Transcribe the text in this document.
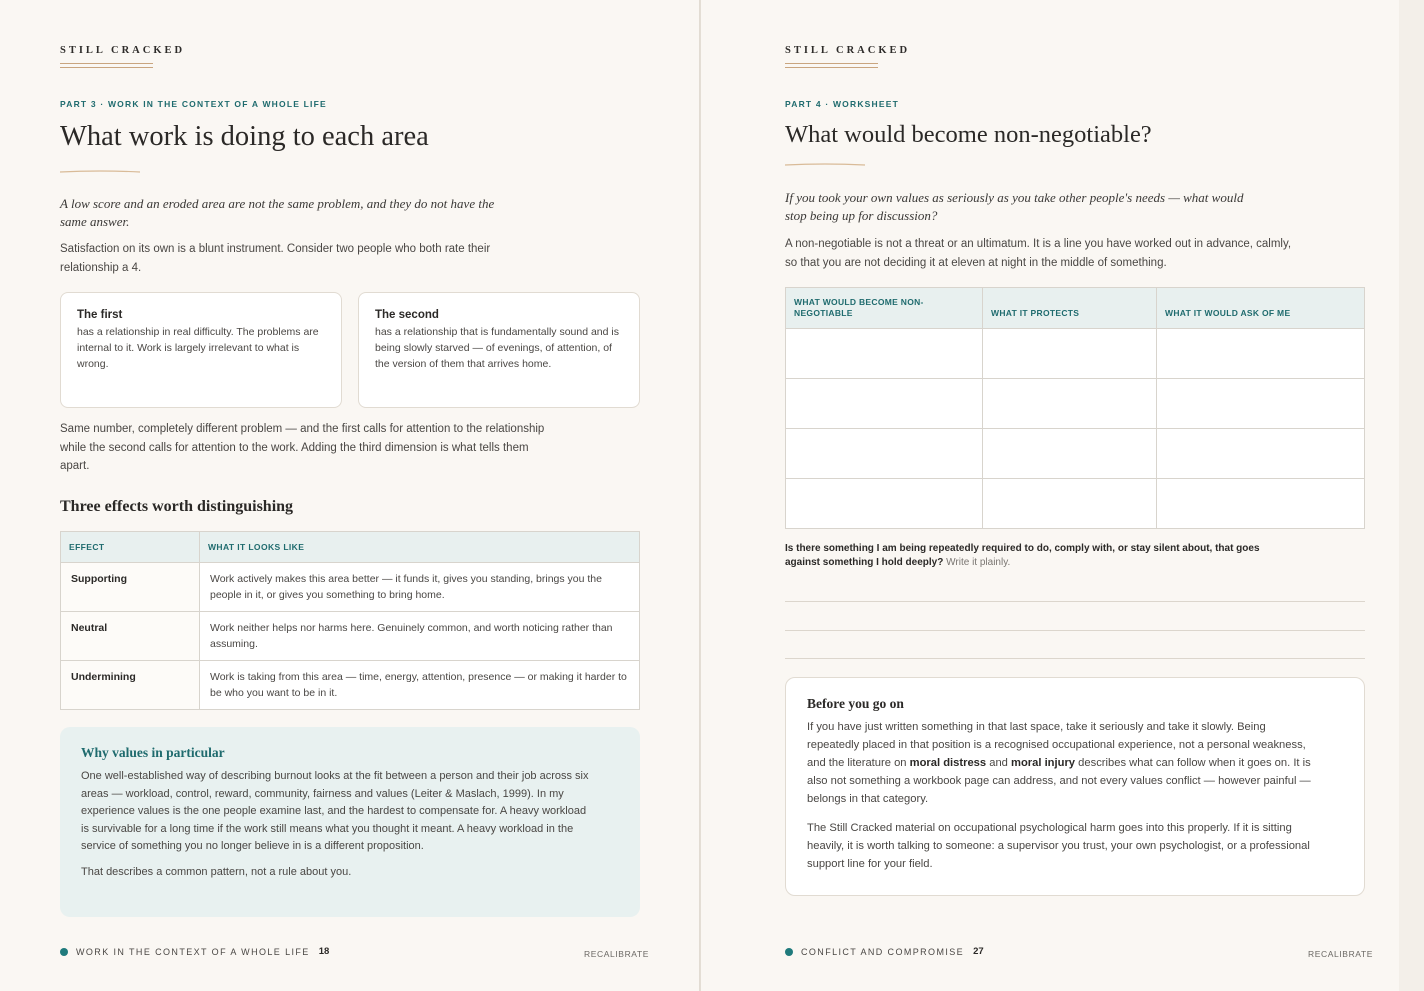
STILL CRACKED
PART 3 · WORK IN THE CONTEXT OF A WHOLE LIFE
What work is doing to each area
A low score and an eroded area are not the same problem, and they do not have the same answer.
Satisfaction on its own is a blunt instrument. Consider two people who both rate their relationship a 4.
The first

has a relationship in real difficulty. The problems are internal to it. Work is largely irrelevant to what is wrong.

The second

has a relationship that is fundamentally sound and is being slowly starved — of evenings, of attention, of the version of them that arrives home.

Same number, completely different problem — and the first calls for attention to the relationship while the second calls for attention to the work. Adding the third dimension is what tells them apart.
Three effects worth distinguishing
EFFECT	WHAT IT LOOKS LIKE
Supporting	Work actively makes this area better — it funds it, gives you standing, brings you the people in it, or gives you something to bring home.
Neutral	Work neither helps nor harms here. Genuinely common, and worth noticing rather than assuming.
Undermining	Work is taking from this area — time, energy, attention, presence — or making it harder to be who you want to be in it.
Why values in particular

One well-established way of describing burnout looks at the fit between a person and their job across six areas — workload, control, reward, community, fairness and values (Leiter & Maslach, 1999). In my experience values is the one people examine last, and the hardest to compensate for. A heavy workload is survivable for a long time if the work still means what you thought it meant. A heavy workload in the service of something you no longer believe in is a different proposition.

That describes a common pattern, not a rule about you.

WORK IN THE CONTEXT OF A WHOLE LIFE 18	RECALIBRATE
STILL CRACKED
PART 4 · WORKSHEET
What would become non-negotiable?
If you took your own values as seriously as you take other people's needs — what would stop being up for discussion?
A non-negotiable is not a threat or an ultimatum. It is a line you have worked out in advance, calmly, so that you are not deciding it at eleven at night in the middle of something.
WHAT WOULD BECOME NON-NEGOTIABLE	WHAT IT PROTECTS	WHAT IT WOULD ASK OF ME

Is there something I am being repeatedly required to do, comply with, or stay silent about, that goes against something I hold deeply? Write it plainly.
Before you go on

If you have just written something in that last space, take it seriously and take it slowly. Being repeatedly placed in that position is a recognised occupational experience, not a personal weakness, and the literature on moral distress and moral injury describes what can follow when it goes on. It is also not something a workbook page can address, and not every values conflict — however painful — belongs in that category.

The Still Cracked material on occupational psychological harm goes into this properly. If it is sitting heavily, it is worth talking to someone: a supervisor you trust, your own psychologist, or a professional support line for your field.

CONFLICT AND COMPROMISE 27	RECALIBRATE
